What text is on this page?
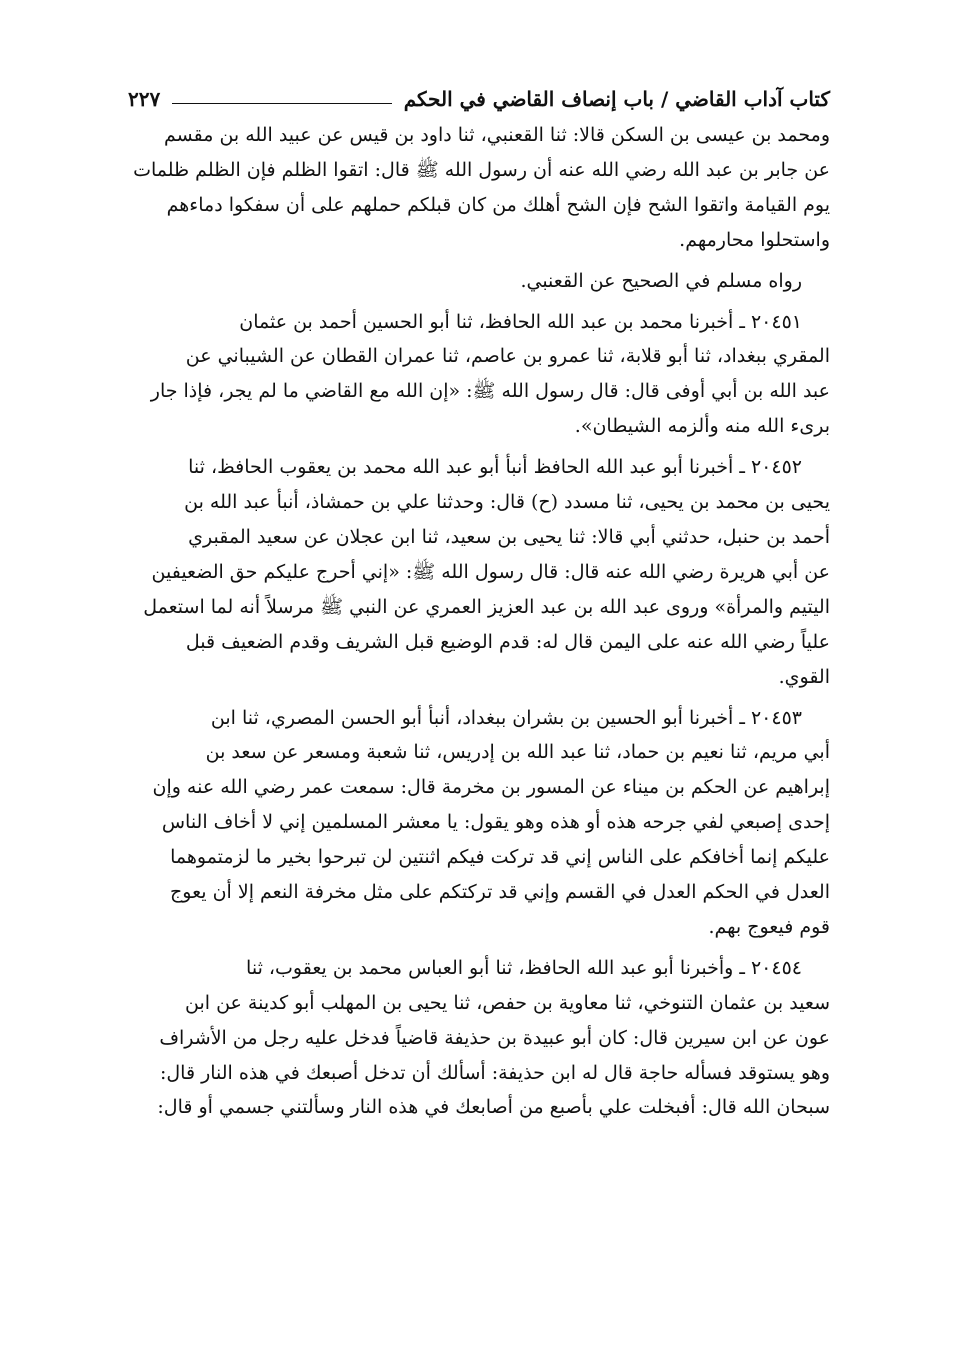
كتاب آداب القاضي / باب إنصاف القاضي في الحكم
٢٢٧
ومحمد بن عيسى بن السكن قالا: ثنا القعنبي، ثنا داود بن قيس عن عبيد الله بن مقسم
عن جابر بن عبد الله رضي الله عنه أن رسول الله ﷺ قال: اتقوا الظلم فإن الظلم ظلمات
يوم القيامة واتقوا الشح فإن الشح أهلك من كان قبلكم حملهم على أن سفكوا دماءهم
واستحلوا محارمهم.
رواه مسلم في الصحيح عن القعنبي.
٢٠٤٥١ ـ أخبرنا محمد بن عبد الله الحافظ، ثنا أبو الحسين أحمد بن عثمان
المقري ببغداد، ثنا أبو قلابة، ثنا عمرو بن عاصم، ثنا عمران القطان عن الشيباني عن
عبد الله بن أبي أوفى قال: قال رسول الله ﷺ: «إن الله مع القاضي ما لم يجر، فإذا جار
برىء الله منه وألزمه الشيطان».
٢٠٤٥٢ ـ أخبرنا أبو عبد الله الحافظ أنبأ أبو عبد الله محمد بن يعقوب الحافظ، ثنا
يحيى بن محمد بن يحيى، ثنا مسدد (ح) قال: وحدثنا علي بن حمشاذ، أنبأ عبد الله بن
أحمد بن حنبل، حدثني أبي قالا: ثنا يحيى بن سعيد، ثنا ابن عجلان عن سعيد المقبري
عن أبي هريرة رضي الله عنه قال: قال رسول الله ﷺ: «إني أحرج عليكم حق الضعيفين
اليتيم والمرأة» وروى عبد الله بن عبد العزيز العمري عن النبي ﷺ مرسلاً أنه لما استعمل
علياً رضي الله عنه على اليمن قال له: قدم الوضيع قبل الشريف وقدم الضعيف قبل
القوي.
٢٠٤٥٣ ـ أخبرنا أبو الحسين بن بشران ببغداد، أنبأ أبو الحسن المصري، ثنا ابن
أبي مريم، ثنا نعيم بن حماد، ثنا عبد الله بن إدريس، ثنا شعبة ومسعر عن سعد بن
إبراهيم عن الحكم بن ميناء عن المسور بن مخرمة قال: سمعت عمر رضي الله عنه وإن
إحدى إصبعي لفي جرحه هذه أو هذه وهو يقول: يا معشر المسلمين إني لا أخاف الناس
عليكم إنما أخافكم على الناس إني قد تركت فيكم اثنتين لن تبرحوا بخير ما لزمتموهما
العدل في الحكم العدل في القسم وإني قد تركتكم على مثل مخرفة النعم إلا أن يعوج
قوم فيعوج بهم.
٢٠٤٥٤ ـ وأخبرنا أبو عبد الله الحافظ، ثنا أبو العباس محمد بن يعقوب، ثنا
سعيد بن عثمان التنوخي، ثنا معاوية بن حفص، ثنا يحيى بن المهلب أبو كدينة عن ابن
عون عن ابن سيرين قال: كان أبو عبيدة بن حذيفة قاضياً فدخل عليه رجل من الأشراف
وهو يستوقد فسأله حاجة قال له ابن حذيفة: أسألك أن تدخل أصبعك في هذه النار قال:
سبحان الله قال: أفبخلت علي بأصبع من أصابعك في هذه النار وسألتني جسمي أو قال:
